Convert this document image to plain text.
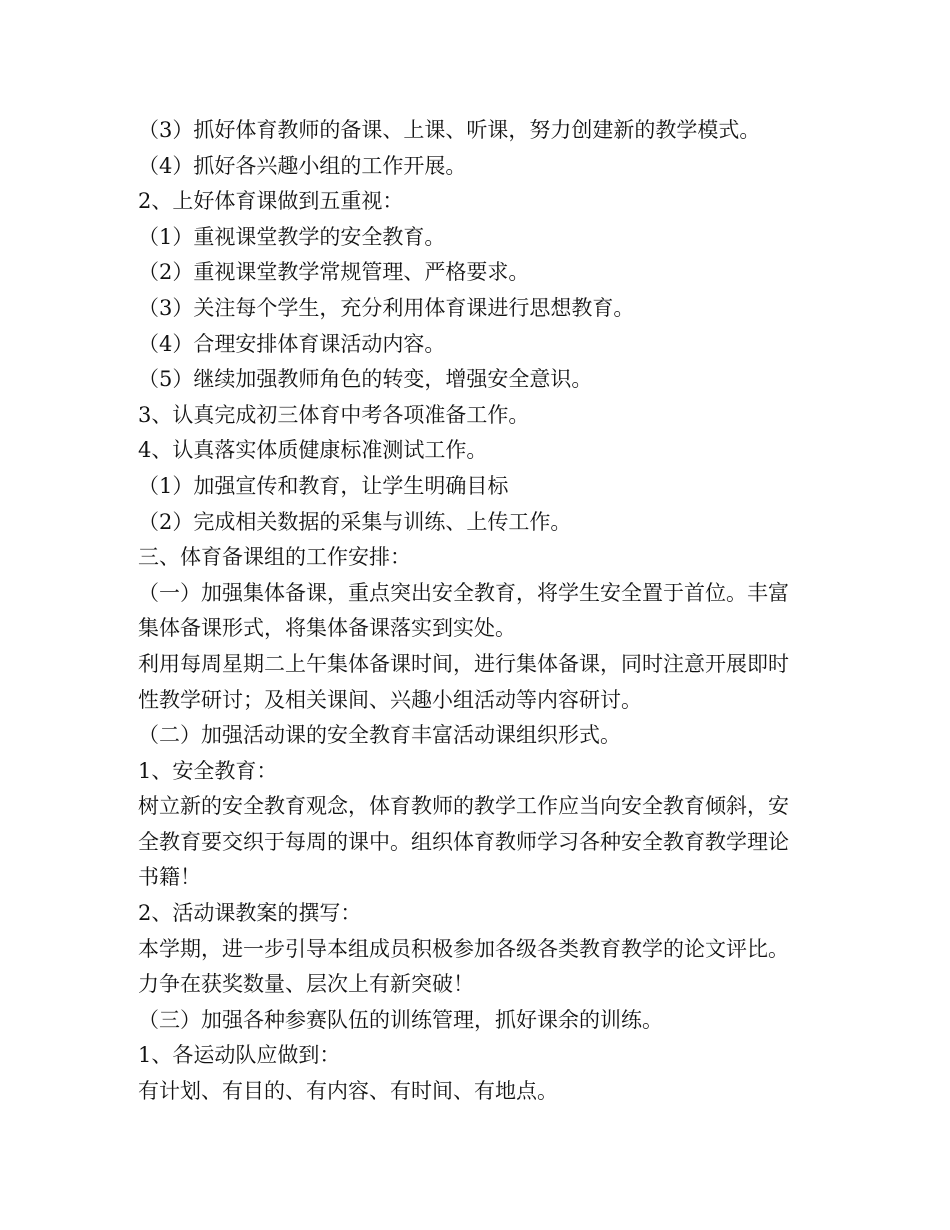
（3）抓好体育教师的备课、上课、听课，努力创建新的教学模式。

（4）抓好各兴趣小组的工作开展。

2、上好体育课做到五重视：

（1）重视课堂教学的安全教育。

（2）重视课堂教学常规管理、严格要求。

（3）关注每个学生，充分利用体育课进行思想教育。

（4）合理安排体育课活动内容。

（5）继续加强教师角色的转变，增强安全意识。

3、认真完成初三体育中考各项准备工作。

4、认真落实体质健康标准测试工作。

（1）加强宣传和教育，让学生明确目标

（2）完成相关数据的采集与训练、上传工作。

三、体育备课组的工作安排：

（一）加强集体备课，重点突出安全教育，将学生安全置于首位。丰富

集体备课形式，将集体备课落实到实处。

利用每周星期二上午集体备课时间，进行集体备课，同时注意开展即时

性教学研讨；及相关课间、兴趣小组活动等内容研讨。

（二）加强活动课的安全教育丰富活动课组织形式。

1、安全教育：

树立新的安全教育观念，体育教师的教学工作应当向安全教育倾斜，安

全教育要交织于每周的课中。组织体育教师学习各种安全教育教学理论

书籍！

2、活动课教案的撰写：

本学期，进一步引导本组成员积极参加各级各类教育教学的论文评比。

力争在获奖数量、层次上有新突破！

（三）加强各种参赛队伍的训练管理，抓好课余的训练。

1、各运动队应做到：

有计划、有目的、有内容、有时间、有地点。
